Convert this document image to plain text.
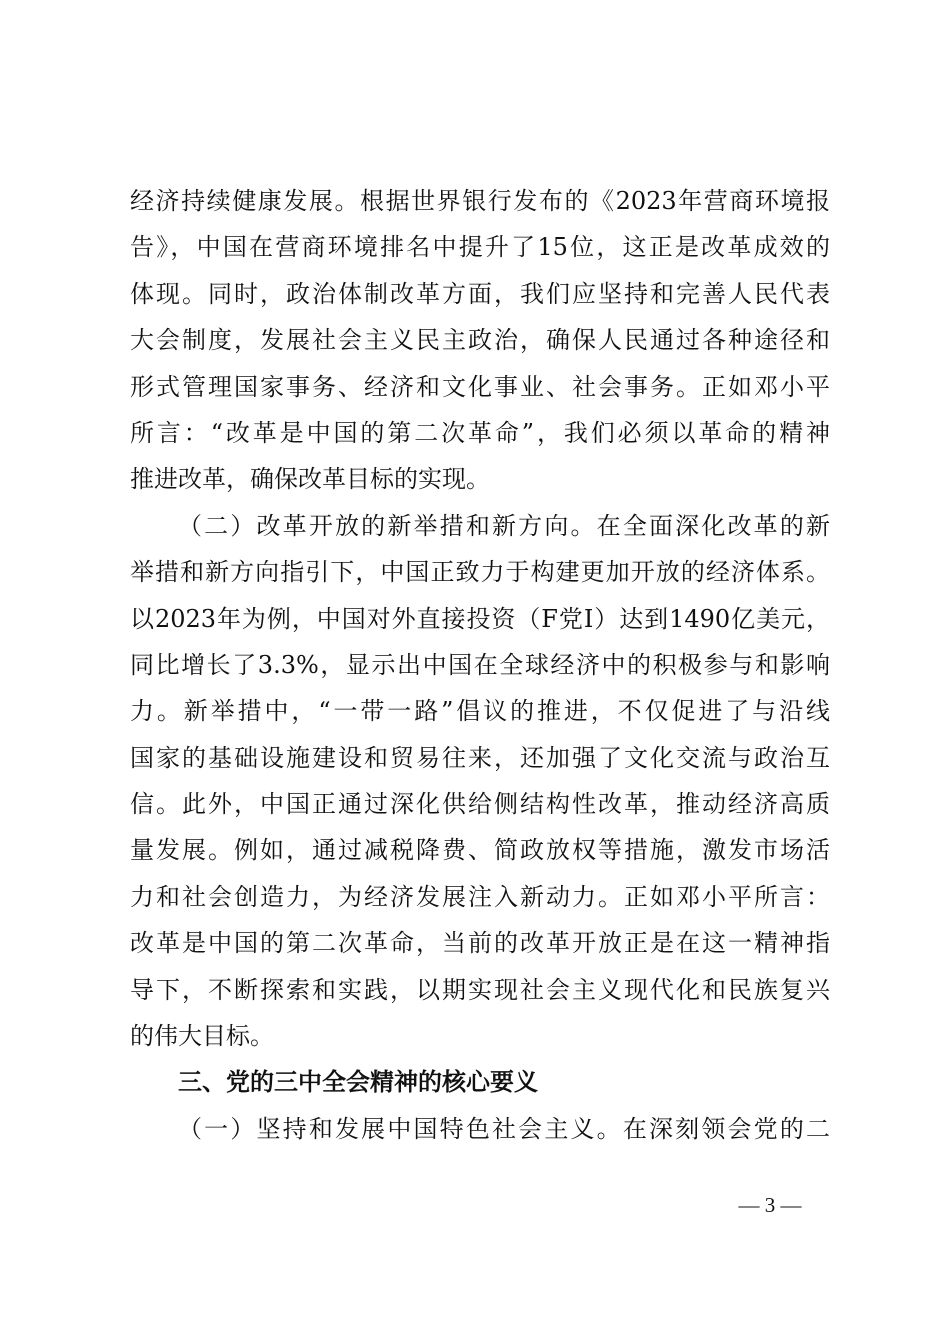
经济持续健康发展。根据世界银行发布的《2023年营商环境报
告》，中国在营商环境排名中提升了15位，这正是改革成效的
体现。同时，政治体制改革方面，我们应坚持和完善人民代表
大会制度，发展社会主义民主政治，确保人民通过各种途径和
形式管理国家事务、经济和文化事业、社会事务。正如邓小平
所言：“改革是中国的第二次革命”，我们必须以革命的精神
推进改革，确保改革目标的实现。
（二）改革开放的新举措和新方向。在全面深化改革的新
举措和新方向指引下，中国正致力于构建更加开放的经济体系。
以2023年为例，中国对外直接投资（F党I）达到1490亿美元，
同比增长了3.3%，显示出中国在全球经济中的积极参与和影响
力。新举措中，“一带一路”倡议的推进，不仅促进了与沿线
国家的基础设施建设和贸易往来，还加强了文化交流与政治互
信。此外，中国正通过深化供给侧结构性改革，推动经济高质
量发展。例如，通过减税降费、简政放权等措施，激发市场活
力和社会创造力，为经济发展注入新动力。正如邓小平所言：
改革是中国的第二次革命，当前的改革开放正是在这一精神指
导下，不断探索和实践，以期实现社会主义现代化和民族复兴
的伟大目标。
三、党的三中全会精神的核心要义
（一）坚持和发展中国特色社会主义。在深刻领会党的二
— 3 —
